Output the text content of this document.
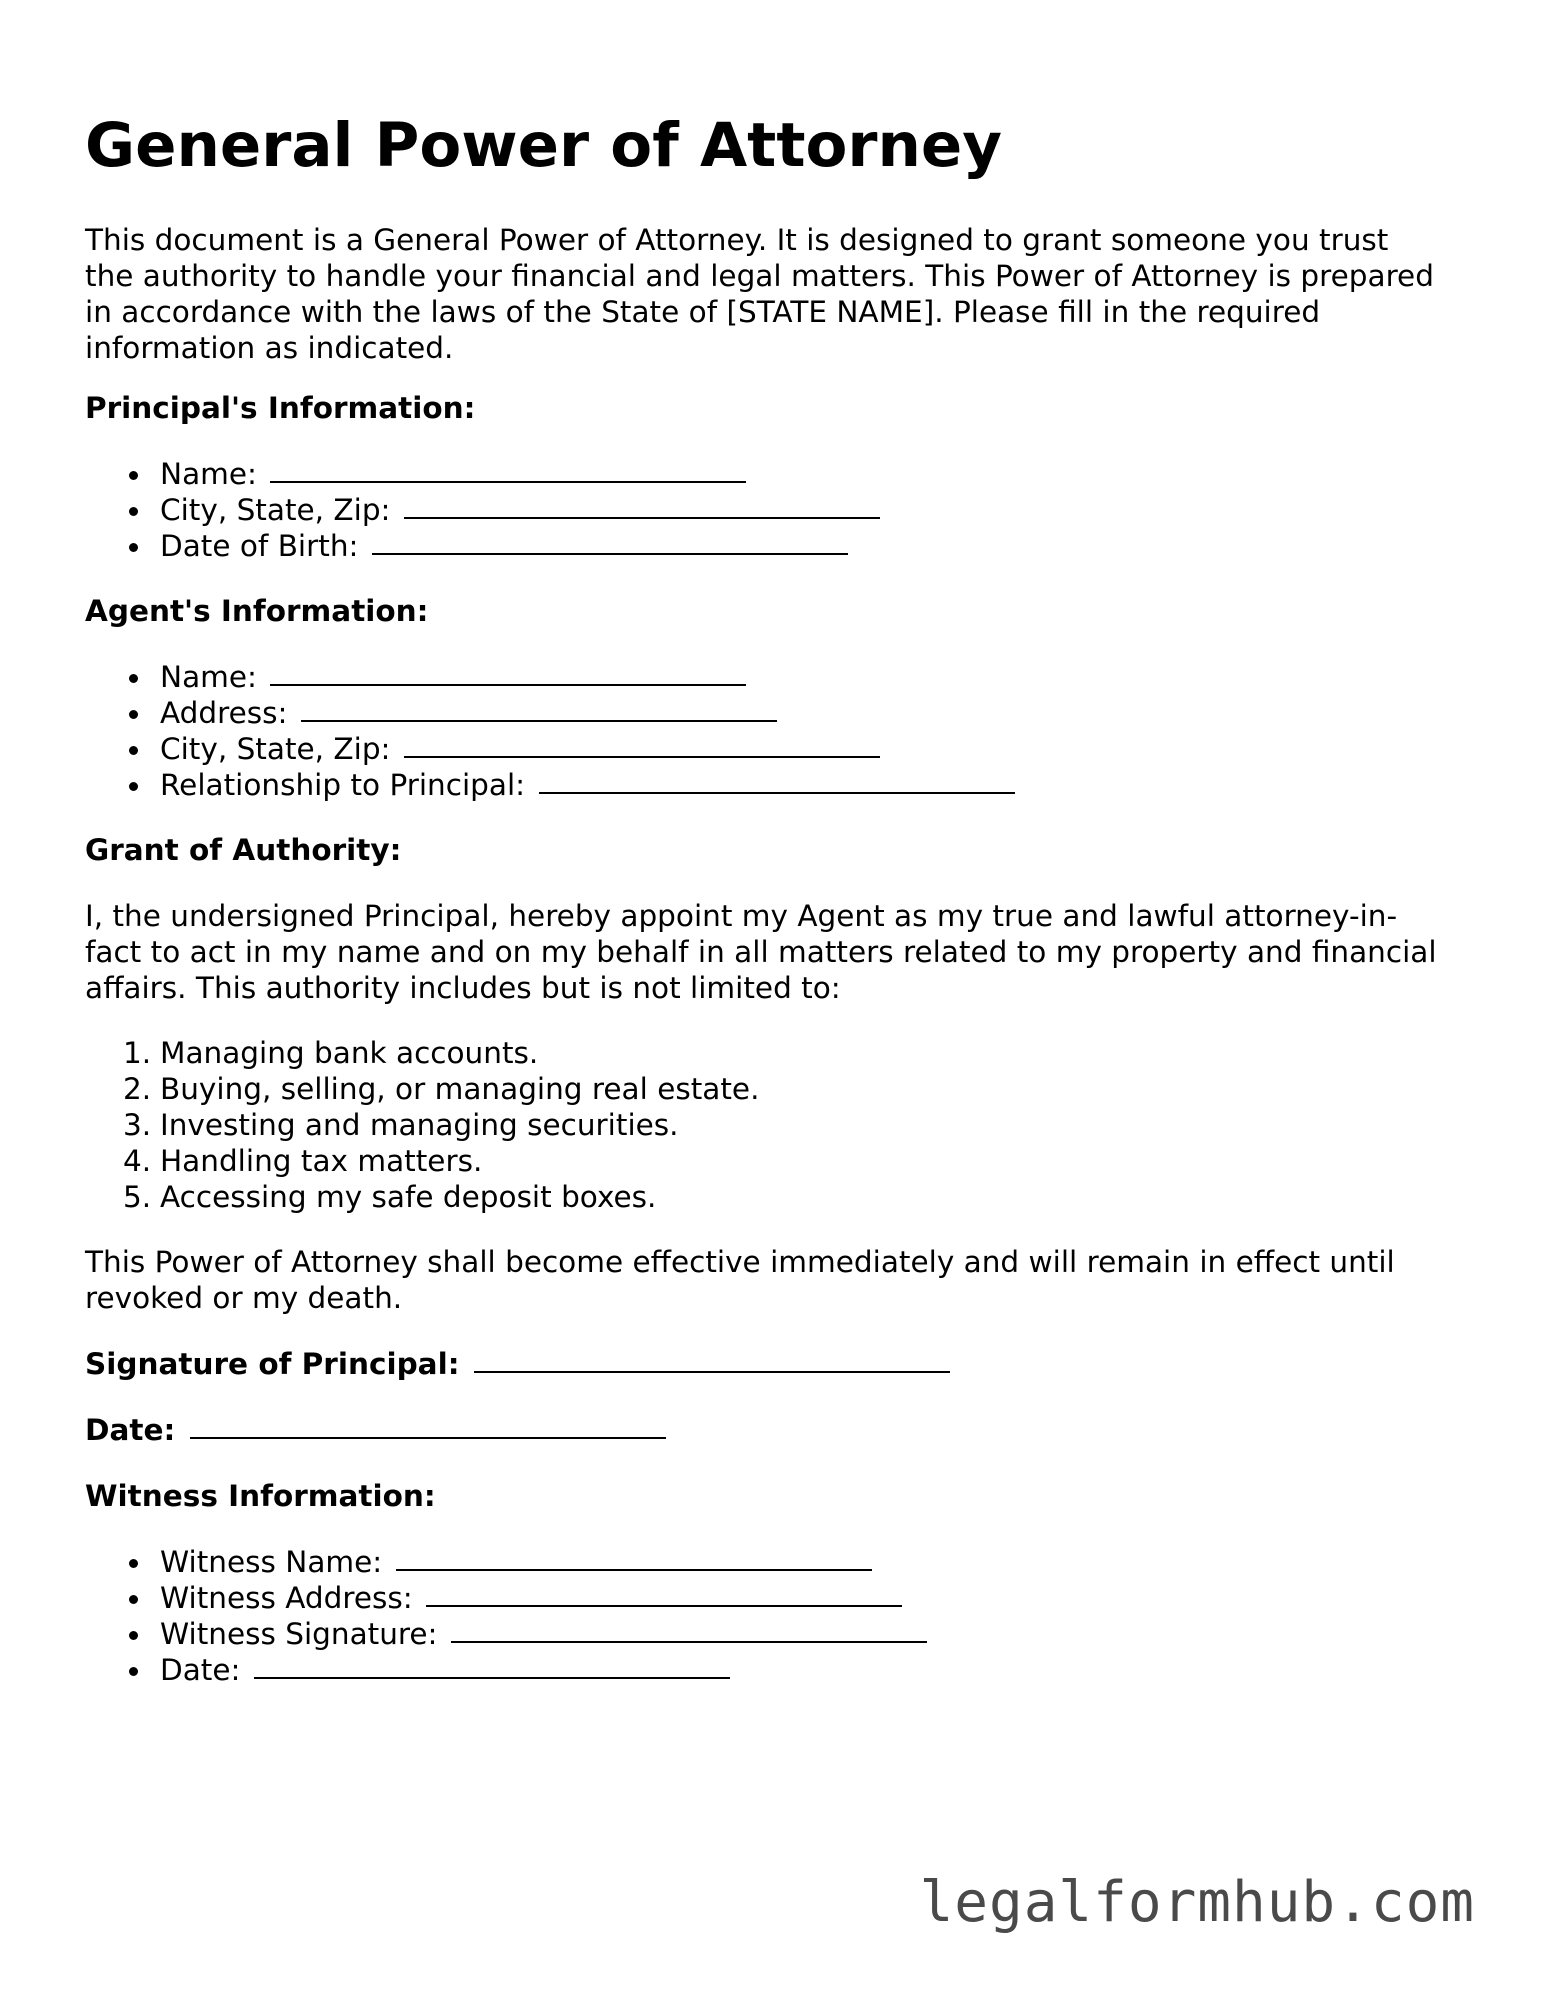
General Power of Attorney

This document is a General Power of Attorney. It is designed to grant someone you trust the authority to handle your financial and legal matters. This Power of Attorney is prepared in accordance with the laws of the State of [STATE NAME]. Please fill in the required information as indicated.

Principal's Information:

Name:
City, State, Zip:
Date of Birth:

Agent's Information:

Name:
Address:
City, State, Zip:
Relationship to Principal:

Grant of Authority:

I, the undersigned Principal, hereby appoint my Agent as my true and lawful attorney-in-fact to act in my name and on my behalf in all matters related to my property and financial affairs. This authority includes but is not limited to:

1. Managing bank accounts.
2. Buying, selling, or managing real estate.
3. Investing and managing securities.
4. Handling tax matters.
5. Accessing my safe deposit boxes.

This Power of Attorney shall become effective immediately and will remain in effect until revoked or my death.

Signature of Principal:

Date:

Witness Information:

Witness Name:
Witness Address:
Witness Signature:
Date:
legalformhub.com
